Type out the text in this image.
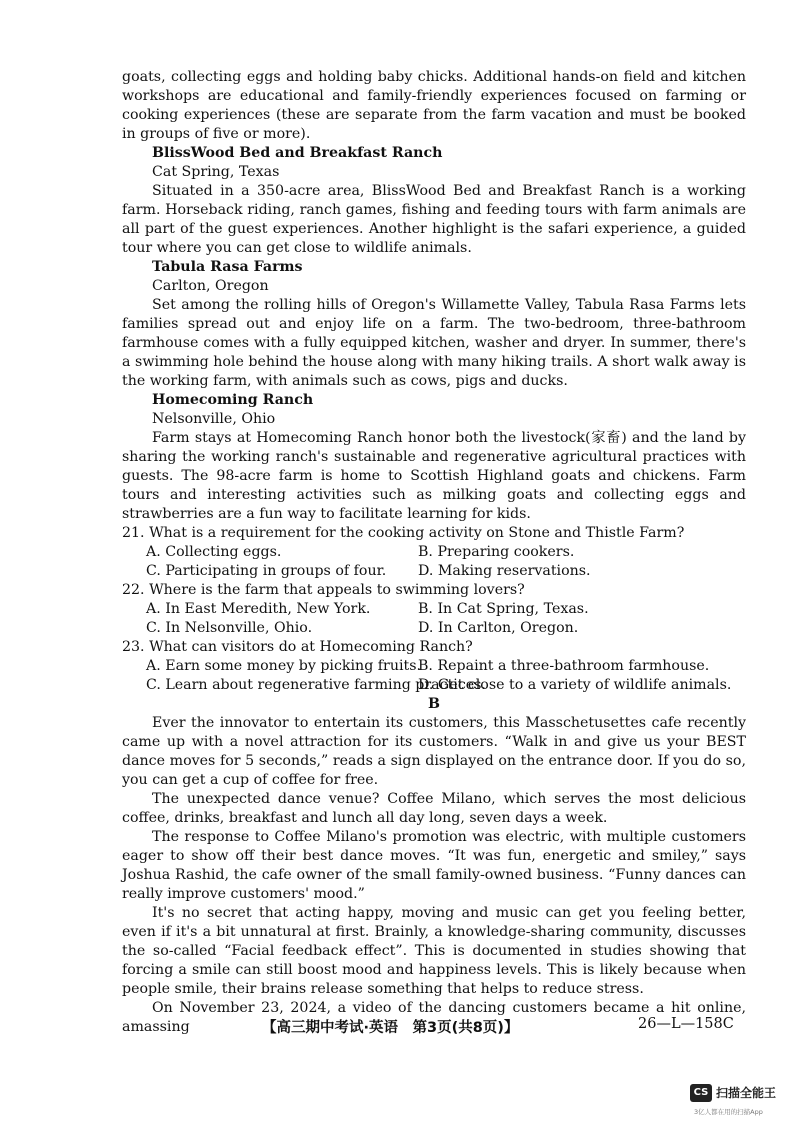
goats, collecting eggs and holding baby chicks. Additional hands-on field and kitchen workshops are educational and family-friendly experiences focused on farming or cooking experiences (these are separate from the farm vacation and must be booked in groups of five or more).

BlissWood Bed and Breakfast Ranch

Cat Spring, Texas

Situated in a 350-acre area, BlissWood Bed and Breakfast Ranch is a working farm. Horseback riding, ranch games, fishing and feeding tours with farm animals are all part of the guest experiences. Another highlight is the safari experience, a guided tour where you can get close to wildlife animals.

Tabula Rasa Farms

Carlton, Oregon

Set among the rolling hills of Oregon's Willamette Valley, Tabula Rasa Farms lets families spread out and enjoy life on a farm. The two-bedroom, three-bathroom farmhouse comes with a fully equipped kitchen, washer and dryer. In summer, there's a swimming hole behind the house along with many hiking trails. A short walk away is the working farm, with animals such as cows, pigs and ducks.

Homecoming Ranch

Nelsonville, Ohio

Farm stays at Homecoming Ranch honor both the livestock(家畜) and the land by sharing the working ranch's sustainable and regenerative agricultural practices with guests. The 98-acre farm is home to Scottish Highland goats and chickens. Farm tours and interesting activities such as milking goats and collecting eggs and strawberries are a fun way to facilitate learning for kids.

21. What is a requirement for the cooking activity on Stone and Thistle Farm?

A. Collecting eggs.	B. Preparing cookers.
C. Participating in groups of four.	D. Making reservations.

22. Where is the farm that appeals to swimming lovers?

A. In East Meredith, New York.	B. In Cat Spring, Texas.
C. In Nelsonville, Ohio.	D. In Carlton, Oregon.

23. What can visitors do at Homecoming Ranch?

A. Earn some money by picking fruits.
B. Repaint a three-bathroom farmhouse.
C. Learn about regenerative farming practices.
D. Get close to a variety of wildlife animals.

B

Ever the innovator to entertain its customers, this Masschetusettes cafe recently came up with a novel attraction for its customers. “Walk in and give us your BEST dance moves for 5 seconds,” reads a sign displayed on the entrance door. If you do so, you can get a cup of coffee for free.

The unexpected dance venue? Coffee Milano, which serves the most delicious coffee, drinks, breakfast and lunch all day long, seven days a week.

The response to Coffee Milano's promotion was electric, with multiple customers eager to show off their best dance moves. “It was fun, energetic and smiley,” says Joshua Rashid, the cafe owner of the small family-owned business. “Funny dances can really improve customers' mood.”

It's no secret that acting happy, moving and music can get you feeling better, even if it's a bit unnatural at first. Brainly, a knowledge-sharing community, discusses the so-called “Facial feedback effect”. This is documented in studies showing that forcing a smile can still boost mood and happiness levels. This is likely because when people smile, their brains release something that helps to reduce stress.

On November 23, 2024, a video of the dancing customers became a hit online, amassing	【高三期中考试·英语　第3页(共8页)】	26—L—158C
CS 扫描全能王
3亿人都在用的扫描App
